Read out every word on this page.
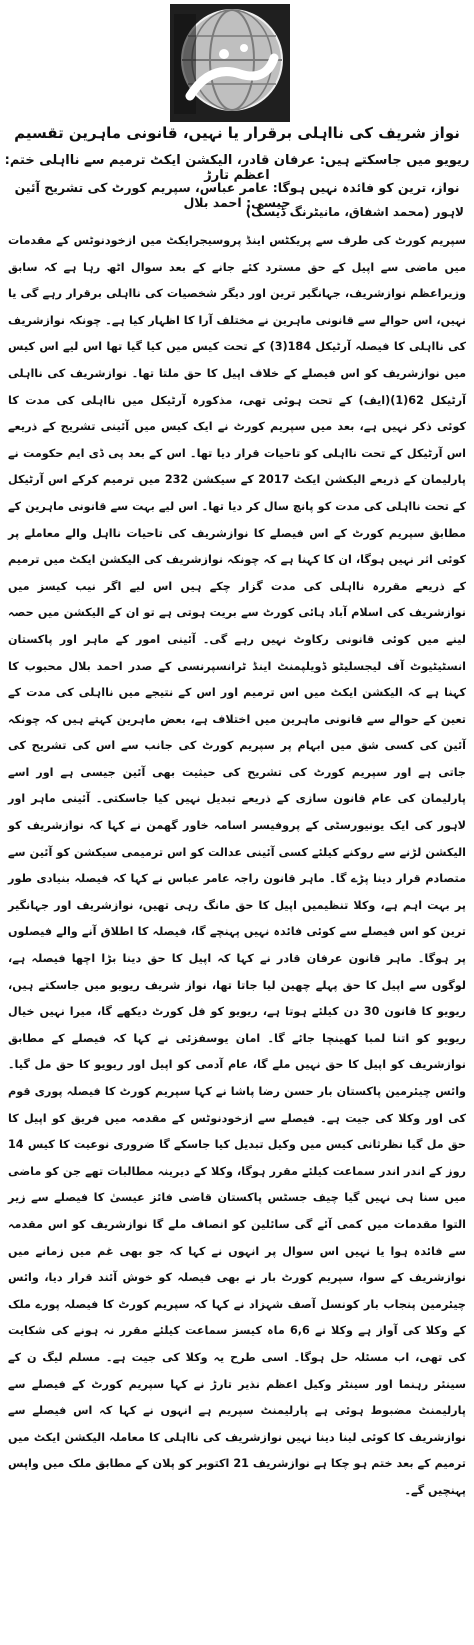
نواز شریف کی نااہلی برقرار یا نہیں، قانونی ماہرین تقسیم
ریویو میں جاسکتے ہیں: عرفان قادر، الیکشن ایکٹ ترمیم سے نااہلی ختم: اعظم تارڑ
نواز، ترین کو فائدہ نہیں ہوگا: عامر عباس، سپریم کورٹ کی تشریح آئین جیسی: احمد بلال
لاہور (محمد اشفاق، مانیٹرنگ ڈیسک)
سپریم کورٹ کی طرف سے پریکٹس اینڈ پروسیجرایکٹ میں ازخودنوٹس کے مقدمات میں ماضی سے اپیل کے حق مسترد کئے جانے کے بعد سوال اٹھ رہا ہے کہ سابق وزیراعظم نوازشریف، جہانگیر ترین اور دیگر شخصیات کی نااہلی برقرار رہے گی یا نہیں، اس حوالے سے قانونی ماہرین نے مختلف آرا کا اظہار کیا ہے۔ چونکہ نوازشریف کی نااہلی کا فیصلہ آرٹیکل 184(3) کے تحت کیس میں کیا گیا تھا اس لیے اس کیس میں نوازشریف کو اس فیصلے کے خلاف اپیل کا حق ملتا تھا۔ نوازشریف کی نااہلی آرٹیکل 62(1)(ایف) کے تحت ہوئی تھی، مذکورہ آرٹیکل میں نااہلی کی مدت کا کوئی ذکر نہیں ہے، بعد میں سپریم کورٹ نے ایک کیس میں آئینی تشریح کے ذریعے اس آرٹیکل کے تحت نااہلی کو تاحیات قرار دیا تھا۔ اس کے بعد پی ڈی ایم حکومت نے پارلیمان کے ذریعے الیکشن ایکٹ 2017 کے سیکشن 232 میں ترمیم کرکے اس آرٹیکل کے تحت نااہلی کی مدت کو پانچ سال کر دیا تھا۔ اس لیے بہت سے قانونی ماہرین کے مطابق سپریم کورٹ کے اس فیصلے کا نوازشریف کی تاحیات نااہل والے معاملے پر کوئی اثر نہیں ہوگا، ان کا کہنا ہے کہ چونکہ نوازشریف کی الیکشن ایکٹ میں ترمیم کے ذریعے مقررہ نااہلی کی مدت گزار چکے ہیں اس لیے اگر نیب کیسز میں نوازشریف کی اسلام آباد ہائی کورٹ سے بریت ہوتی ہے تو ان کے الیکشن میں حصہ لینے میں کوئی قانونی رکاوٹ نہیں رہے گی۔ آئینی امور کے ماہر اور پاکستان انسٹیٹیوٹ آف لیجسلیٹو ڈویلپمنٹ اینڈ ٹرانسپرنسی کے صدر احمد بلال محبوب کا کہنا ہے کہ الیکشن ایکٹ میں اس ترمیم اور اس کے نتیجے میں نااہلی کی مدت کے تعین کے حوالے سے قانونی ماہرین میں اختلاف ہے، بعض ماہرین کہتے ہیں کہ چونکہ آئین کی کسی شق میں ابہام پر سپریم کورٹ کی جانب سے اس کی تشریح کی جاتی ہے اور سپریم کورٹ کی تشریح کی حیثیت بھی آئین جیسی ہے اور اسے پارلیمان کی عام قانون سازی کے ذریعے تبدیل نہیں کیا جاسکتی۔ آئینی ماہر اور لاہور کی ایک یونیورسٹی کے پروفیسر اسامہ خاور گھمن نے کہا کہ نوازشریف کو الیکشن لڑنے سے روکنے کیلئے کسی آئینی عدالت کو اس ترمیمی سیکشن کو آئین سے متصادم قرار دینا پڑے گا۔ ماہر قانون راجہ عامر عباس نے کہا کہ فیصلہ بنیادی طور پر بہت اہم ہے، وکلا تنظیمیں اپیل کا حق مانگ رہی تھیں، نوازشریف اور جہانگیر ترین کو اس فیصلے سے کوئی فائدہ نہیں پہنچے گا، فیصلہ کا اطلاق آنے والے فیصلوں پر ہوگا۔ ماہر قانون عرفان قادر نے کہا کہ اپیل کا حق دینا بڑا اچھا فیصلہ ہے، لوگوں سے اپیل کا حق پہلے چھین لیا جاتا تھا، نواز شریف ریویو میں جاسکتے ہیں، ریویو کا قانون 30 دن کیلئے ہوتا ہے، ریویو کو فل کورٹ دیکھے گا، میرا نہیں خیال ریویو کو اتنا لمبا کھینچا جائے گا۔ امان یوسفزئی نے کہا کہ فیصلے کے مطابق نوازشریف کو اپیل کا حق نہیں ملے گا، عام آدمی کو اپیل اور ریویو کا حق مل گیا۔ وائس چیئرمین پاکستان بار حسن رضا پاشا نے کہا سپریم کورٹ کا فیصلہ پوری قوم کی اور وکلا کی جیت ہے۔ فیصلے سے ازخودنوٹس کے مقدمہ میں فریق کو اپیل کا حق مل گیا نظرثانی کیس میں وکیل تبدیل کیا جاسکے گا ضروری نوعیت کا کیس 14 روز کے اندر اندر سماعت کیلئے مقرر ہوگا، وکلا کے دیرینہ مطالبات تھے جن کو ماضی میں سنا ہی نہیں گیا چیف جسٹس پاکستان قاضی فائز عیسیٰ کا فیصلے سے زیر التوا مقدمات میں کمی آئے گی سائلین کو انصاف ملے گا نوازشریف کو اس مقدمہ سے فائدہ ہوا یا نہیں اس سوال پر انہوں نے کہا کہ جو بھی غم میں زمانے میں نوازشریف کے سوا، سپریم کورٹ بار نے بھی فیصلہ کو خوش آئند قرار دیا، وائس چیئرمین پنجاب بار کونسل آصف شہزاد نے کہا کہ سپریم کورٹ کا فیصلہ پورے ملک کے وکلا کی آواز ہے وکلا نے 6,6 ماہ کیسز سماعت کیلئے مقرر نہ ہونے کی شکایت کی تھی، اب مسئلہ حل ہوگا۔ اسی طرح یہ وکلا کی جیت ہے۔ مسلم لیگ ن کے سینئر رہنما اور سینٹر وکیل اعظم نذیر تارڑ نے کہا سپریم کورٹ کے فیصلے سے پارلیمنٹ مضبوط ہوئی ہے پارلیمنٹ سپریم ہے انہوں نے کہا کہ اس فیصلے سے نوازشریف کا کوئی لینا دینا نہیں نوازشریف کی نااہلی کا معاملہ الیکشن ایکٹ میں ترمیم کے بعد ختم ہو چکا ہے نوازشریف 21 اکتوبر کو پلان کے مطابق ملک میں واپس پہنچیں گے۔
